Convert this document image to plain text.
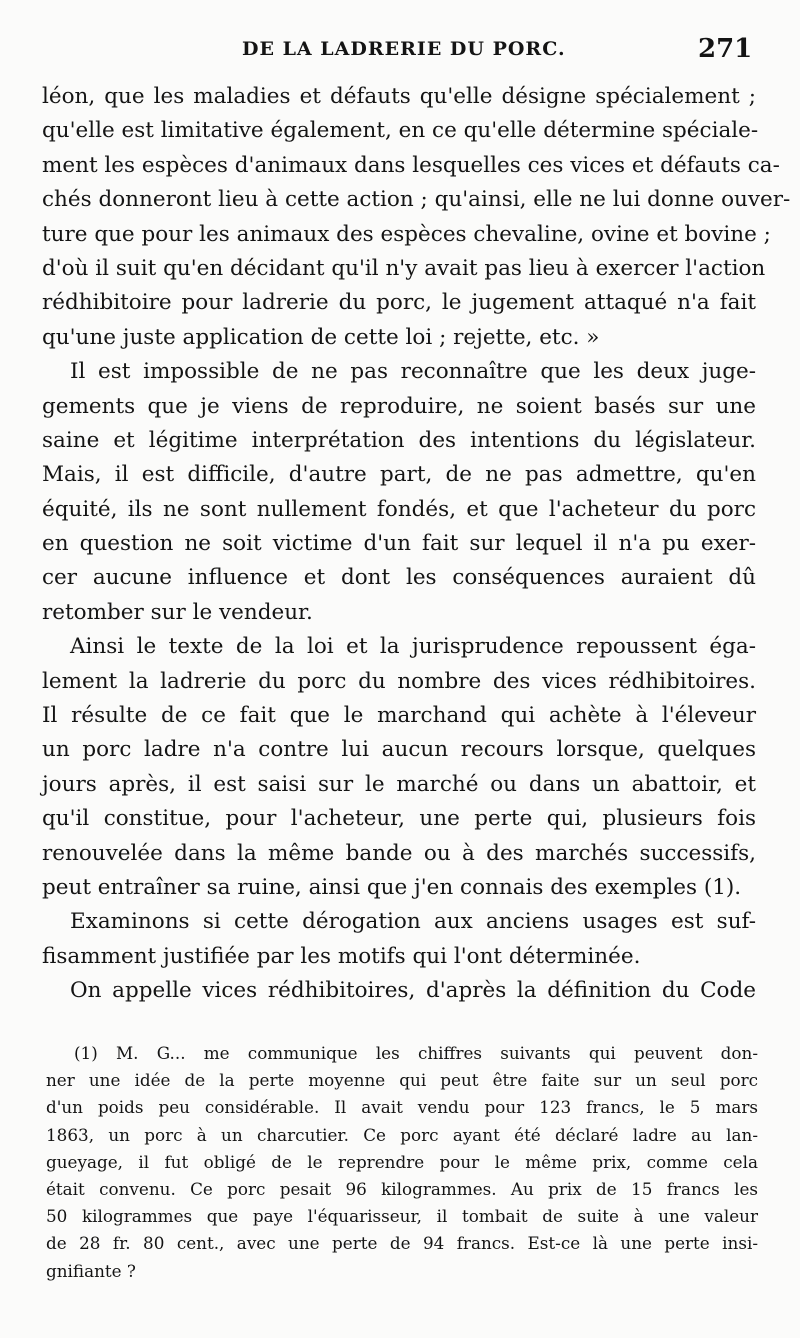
DE LA LADRERIE DU PORC.	271
léon, que les maladies et défauts qu'elle désigne spécialement ;
qu'elle est limitative également, en ce qu'elle détermine spéciale-
ment les espèces d'animaux dans lesquelles ces vices et défauts ca-
chés donneront lieu à cette action ; qu'ainsi, elle ne lui donne ouver-
ture que pour les animaux des espèces chevaline, ovine et bovine ;
d'où il suit qu'en décidant qu'il n'y avait pas lieu à exercer l'action
rédhibitoire pour ladrerie du porc, le jugement attaqué n'a fait
qu'une juste application de cette loi ; rejette, etc. »
Il est impossible de ne pas reconnaître que les deux juge-
gements que je viens de reproduire, ne soient basés sur une
saine et légitime interprétation des intentions du législateur.
Mais, il est difficile, d'autre part, de ne pas admettre, qu'en
équité, ils ne sont nullement fondés, et que l'acheteur du porc
en question ne soit victime d'un fait sur lequel il n'a pu exer-
cer aucune influence et dont les conséquences auraient dû
retomber sur le vendeur.
Ainsi le texte de la loi et la jurisprudence repoussent éga-
lement la ladrerie du porc du nombre des vices rédhibitoires.
Il résulte de ce fait que le marchand qui achète à l'éleveur
un porc ladre n'a contre lui aucun recours lorsque, quelques
jours après, il est saisi sur le marché ou dans un abattoir, et
qu'il constitue, pour l'acheteur, une perte qui, plusieurs fois
renouvelée dans la même bande ou à des marchés successifs,
peut entraîner sa ruine, ainsi que j'en connais des exemples (1).
Examinons si cette dérogation aux anciens usages est suf-
fisamment justifiée par les motifs qui l'ont déterminée.
On appelle vices rédhibitoires, d'après la définition du Code
(1) M. G... me communique les chiffres suivants qui peuvent don-
ner une idée de la perte moyenne qui peut être faite sur un seul porc
d'un poids peu considérable. Il avait vendu pour 123 francs, le 5 mars
1863, un porc à un charcutier. Ce porc ayant été déclaré ladre au lan-
gueyage, il fut obligé de le reprendre pour le même prix, comme cela
était convenu. Ce porc pesait 96 kilogrammes. Au prix de 15 francs les
50 kilogrammes que paye l'équarisseur, il tombait de suite à une valeur
de 28 fr. 80 cent., avec une perte de 94 francs. Est-ce là une perte insi-
gnifiante ?
